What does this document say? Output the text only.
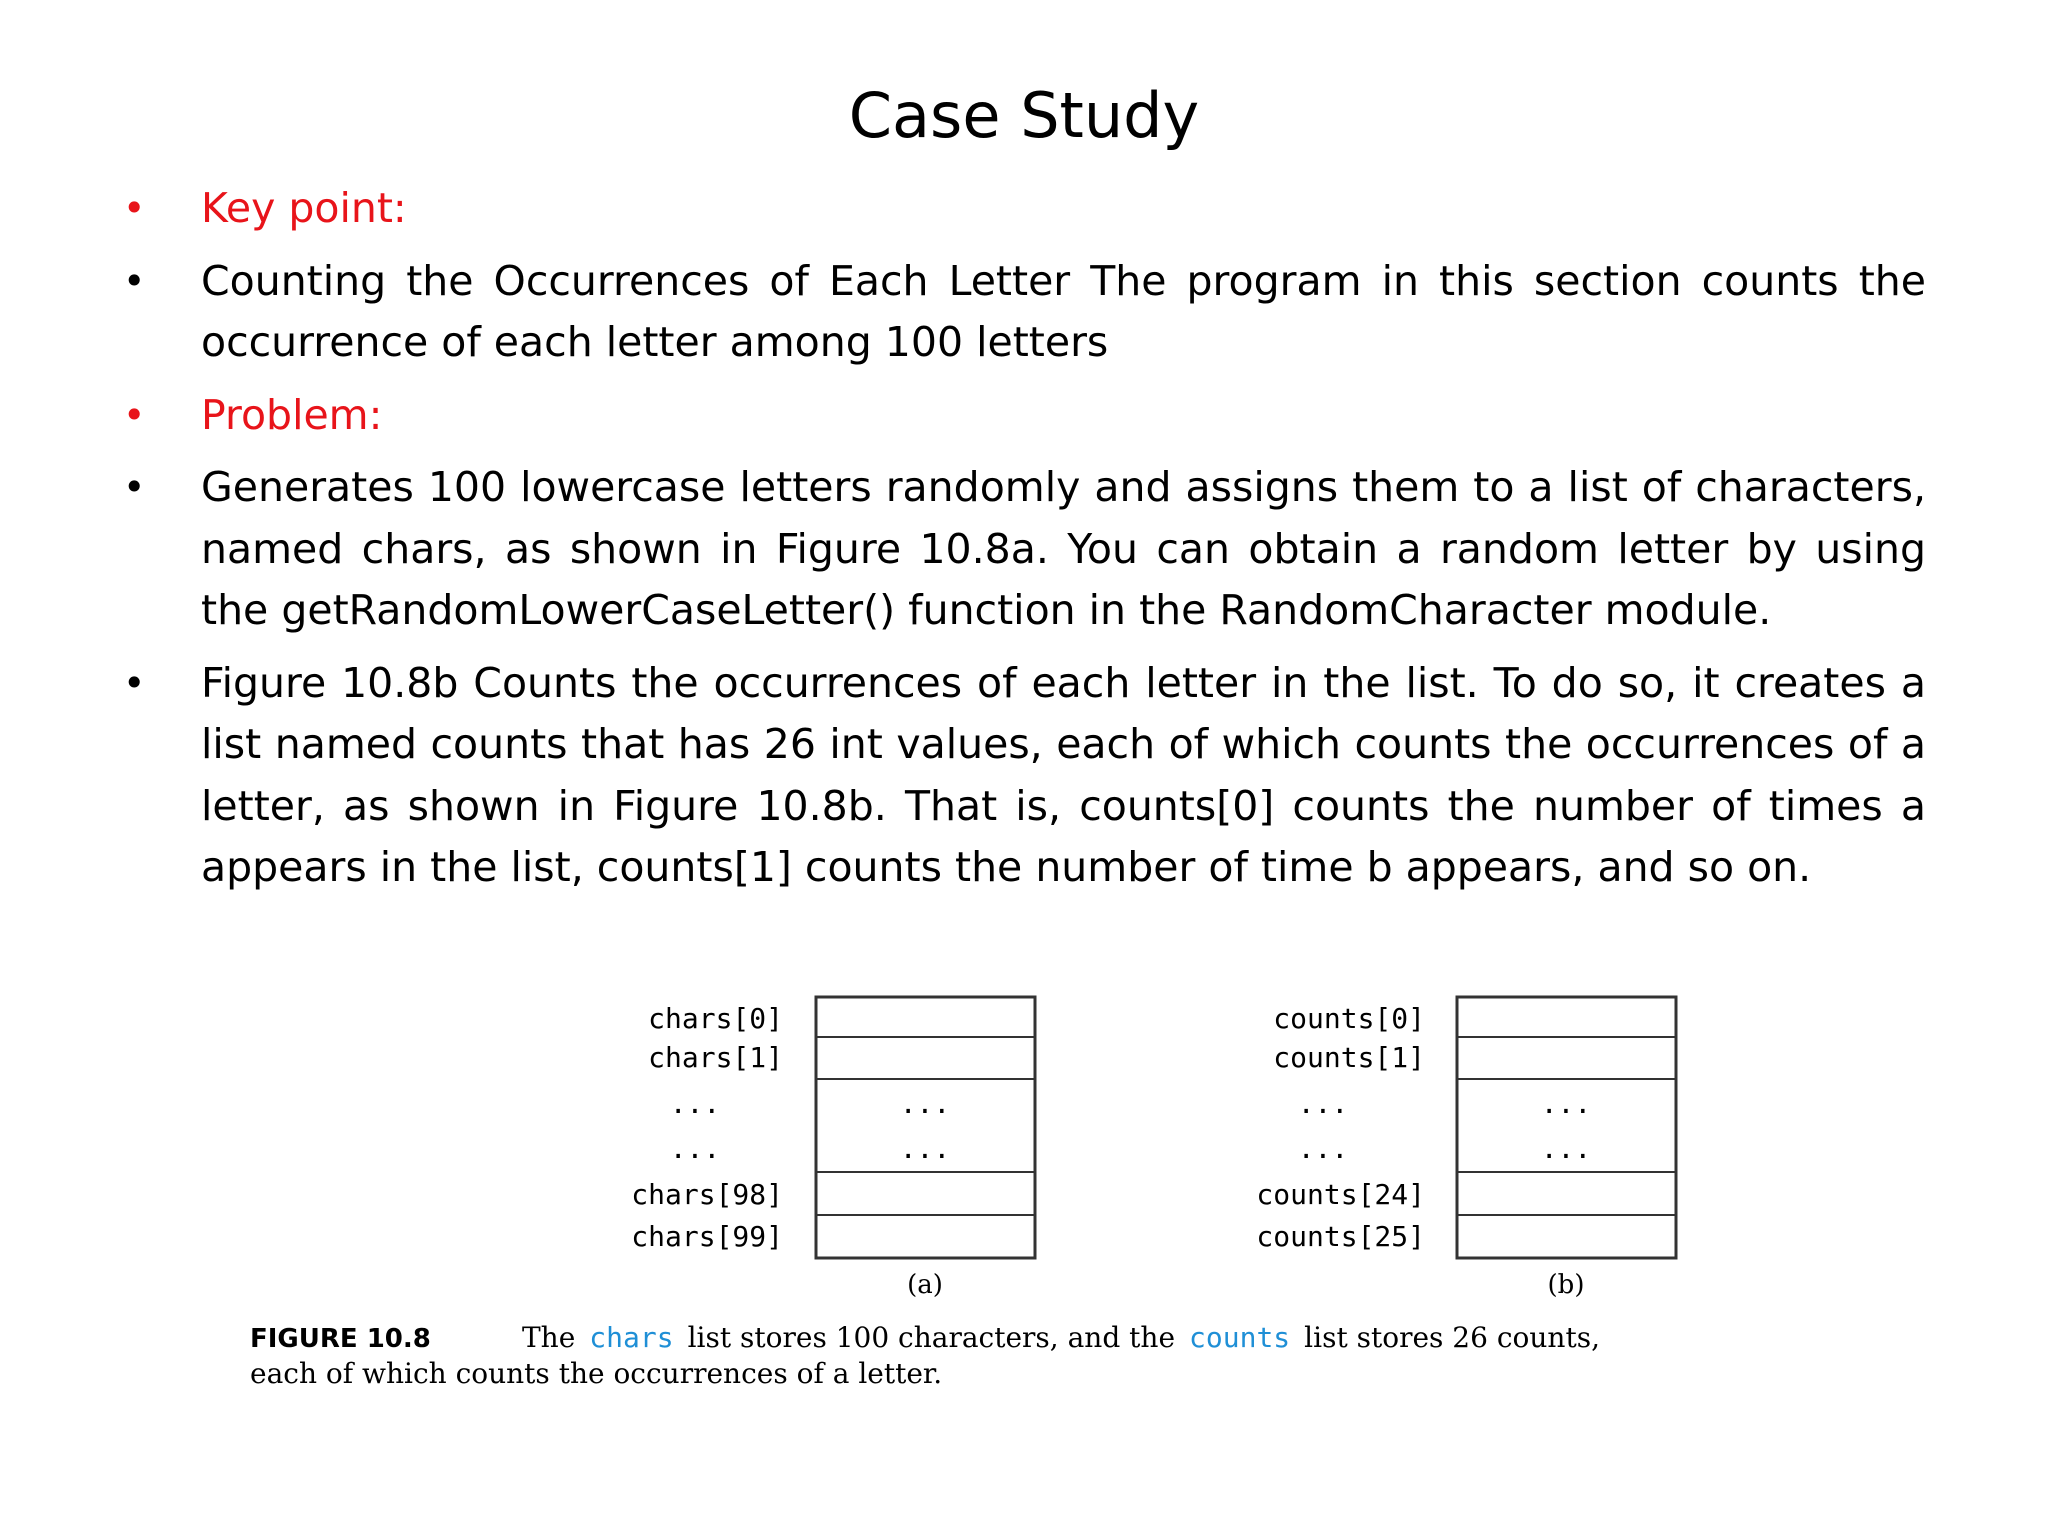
Case Study
• Key point:
• Counting the Occurrences of Each Letter The program in this section counts the occurrence of each letter among 100 letters
• Problem:
• Generates 100 lowercase letters randomly and assigns them to a list of characters, named chars, as shown in Figure 10.8a. You can obtain a random letter by using the getRandomLowerCaseLetter() function in the RandomCharacter module.
• Figure 10.8b Counts the occurrences of each letter in the list. To do so, it creates a list named counts that has 26 int values, each of which counts the occurrences of a letter, as shown in Figure 10.8b. That is, counts[0] counts the number of times a appears in the list, counts[1] counts the number of time b appears, and so on.
chars[0]
chars[1]
...
...
chars[98]
chars[99]
...
...
(a)
counts[0]
counts[1]
...
...
counts[24]
counts[25]
...
...
(b)
FIGURE 10.8	The chars list stores 100 characters, and the counts list stores 26 counts,
each of which counts the occurrences of a letter.
